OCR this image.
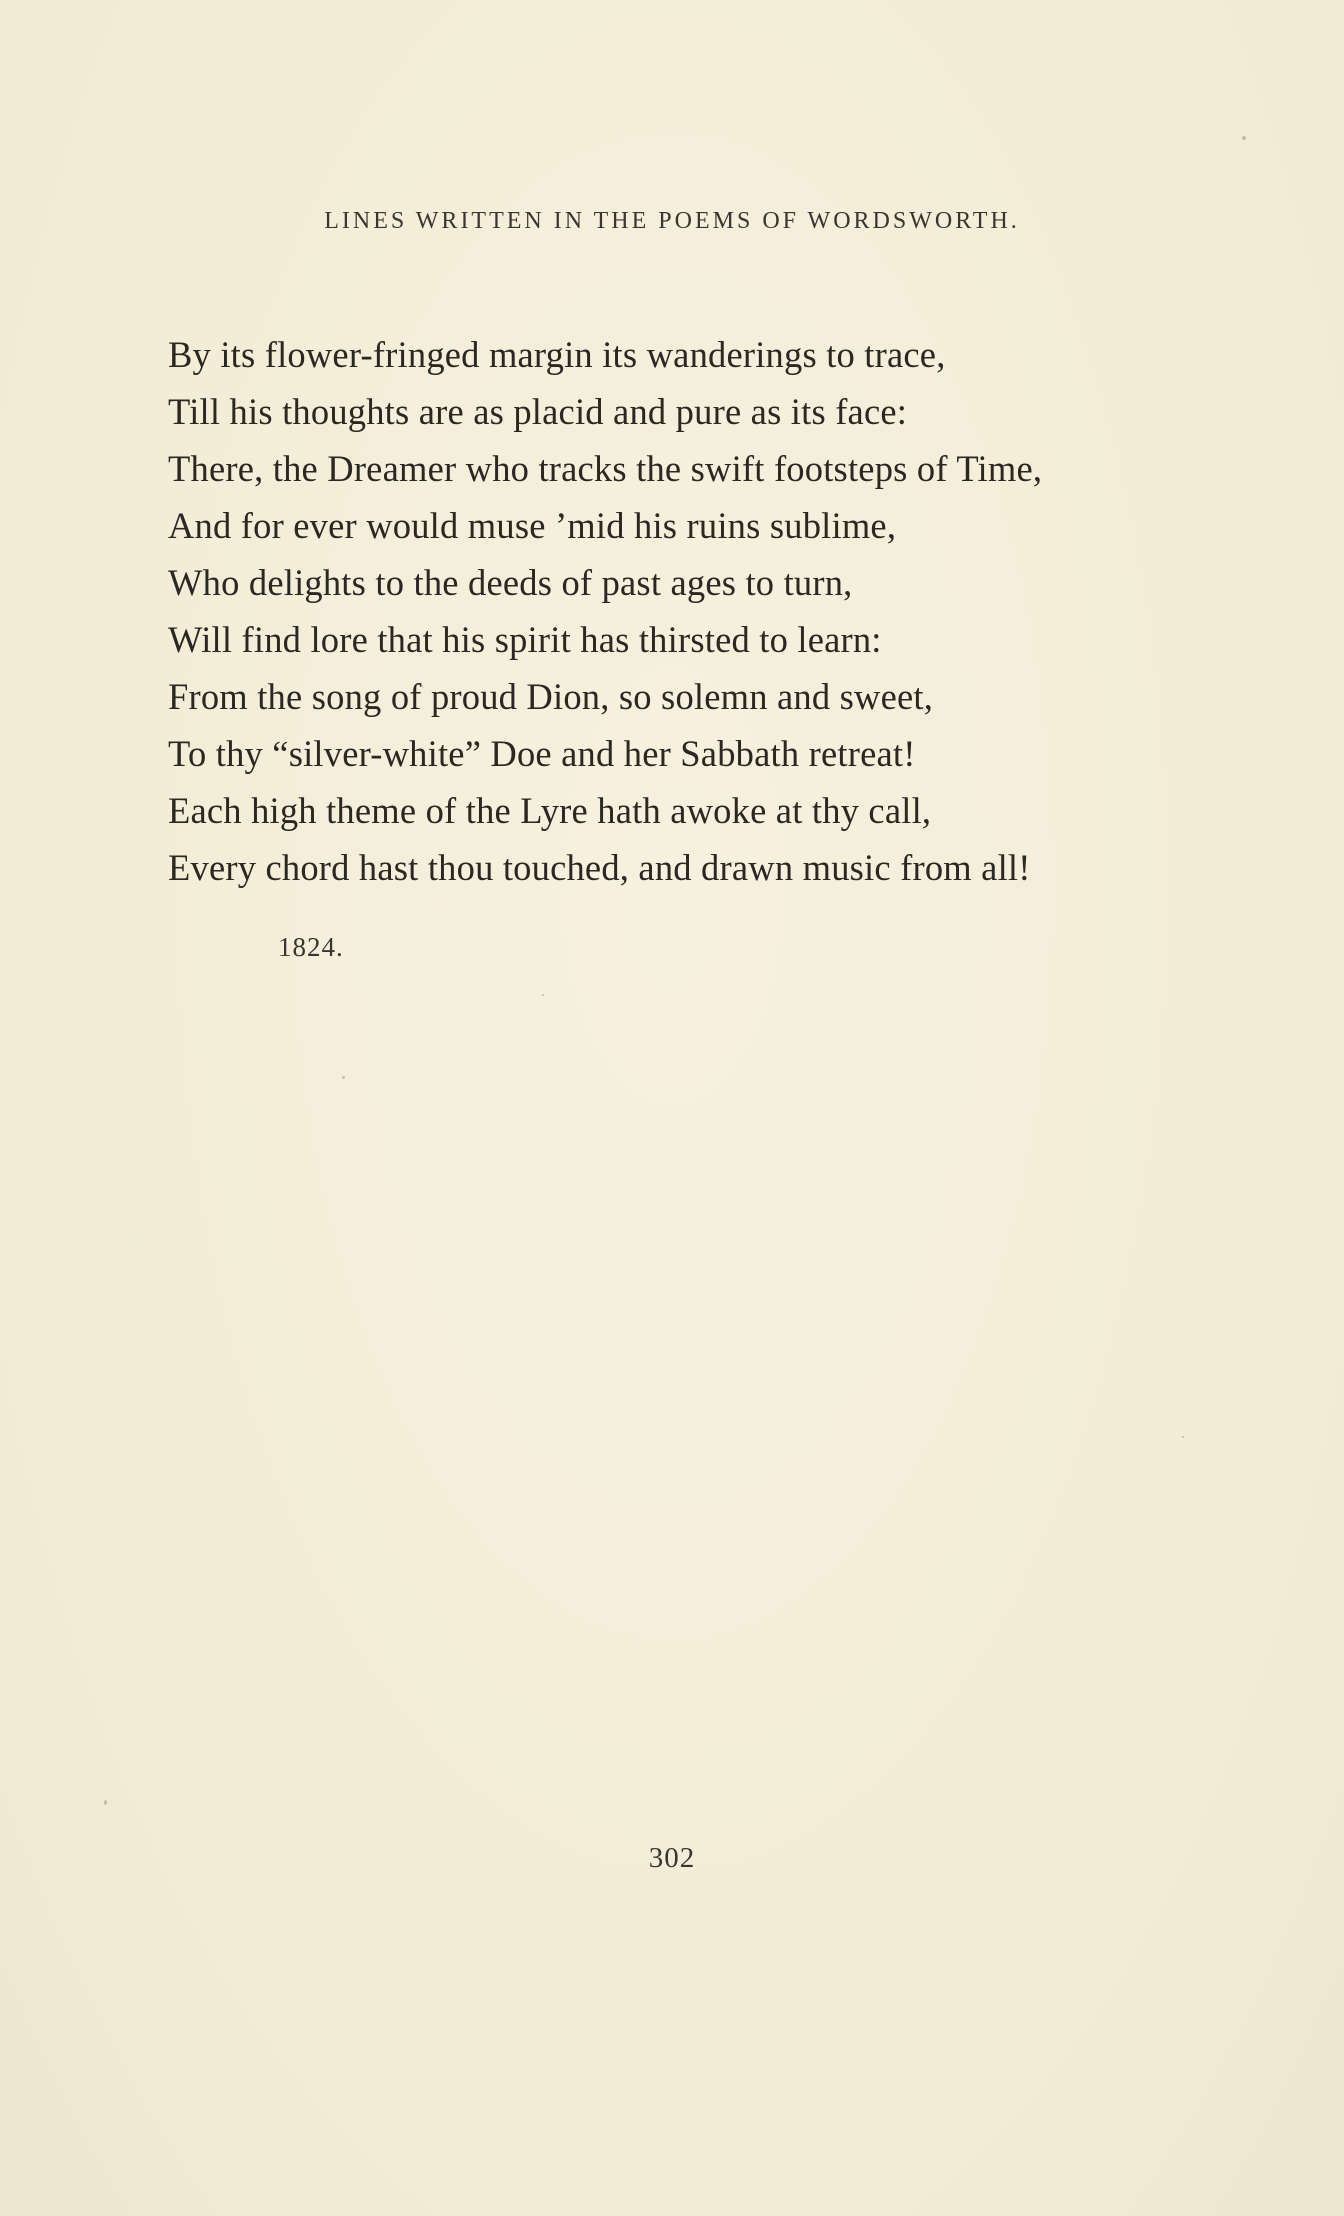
LINES WRITTEN IN THE POEMS OF WORDSWORTH.
By its flower-fringed margin its wanderings to trace,
Till his thoughts are as placid and pure as its face:
There, the Dreamer who tracks the swift footsteps of Time,
And for ever would muse ’mid his ruins sublime,
Who delights to the deeds of past ages to turn,
Will find lore that his spirit has thirsted to learn:
From the song of proud Dion, so solemn and sweet,
To thy “silver-white” Doe and her Sabbath retreat!
Each high theme of the Lyre hath awoke at thy call,
Every chord hast thou touched, and drawn music from all!
1824.
302
